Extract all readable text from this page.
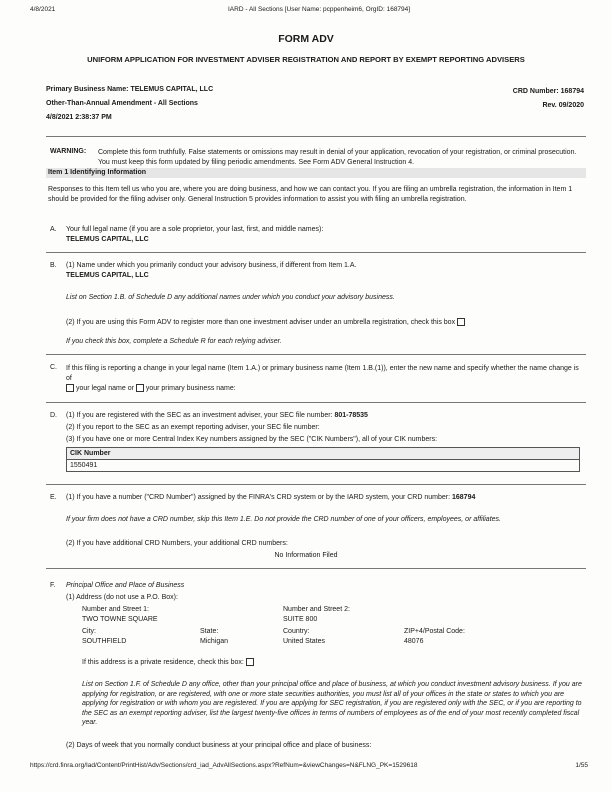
4/8/2021	IARD - All Sections [User Name: pcppenheim6, OrgID: 168794]
FORM ADV
UNIFORM APPLICATION FOR INVESTMENT ADVISER REGISTRATION AND REPORT BY EXEMPT REPORTING ADVISERS
Primary Business Name: TELEMUS CAPITAL, LLC
Other-Than-Annual Amendment - All Sections
4/8/2021 2:38:37 PM
CRD Number: 168794
Rev. 09/2020
WARNING: Complete this form truthfully. False statements or omissions may result in denial of your application, revocation of your registration, or criminal prosecution. You must keep this form updated by filing periodic amendments. See Form ADV General Instruction 4.
Item 1 Identifying Information
Responses to this Item tell us who you are, where you are doing business, and how we can contact you. If you are filing an umbrella registration, the information in Item 1 should be provided for the filing adviser only. General Instruction 5 provides information to assist you with filing an umbrella registration.
A. Your full legal name (if you are a sole proprietor, your last, first, and middle names):
TELEMUS CAPITAL, LLC
B. (1) Name under which you primarily conduct your advisory business, if different from Item 1.A.
TELEMUS CAPITAL, LLC
List on Section 1.B. of Schedule D any additional names under which you conduct your advisory business.
(2) If you are using this Form ADV to register more than one investment adviser under an umbrella registration, check this box
If you check this box, complete a Schedule R for each relying adviser.
C. If this filing is reporting a change in your legal name (Item 1.A.) or primary business name (Item 1.B.(1)), enter the new name and specify whether the name change is of
your legal name or your primary business name:
D. (1) If you are registered with the SEC as an investment adviser, your SEC file number: 801-78535
(2) If you report to the SEC as an exempt reporting adviser, your SEC file number:
(3) If you have one or more Central Index Key numbers assigned by the SEC ("CIK Numbers"), all of your CIK numbers:
CIK Number
1550491
E. (1) If you have a number ("CRD Number") assigned by the FINRA's CRD system or by the IARD system, your CRD number: 168794
If your firm does not have a CRD number, skip this Item 1.E. Do not provide the CRD number of one of your officers, employees, or affiliates.
(2) If you have additional CRD Numbers, your additional CRD numbers:
No Information Filed
F. Principal Office and Place of Business
(1) Address (do not use a P.O. Box):
Number and Street 1:
TWO TOWNE SQUARE
Number and Street 2:
SUITE 800
City:
SOUTHFIELD
State:
Michigan
Country:
United States
ZIP+4/Postal Code:
48076
If this address is a private residence, check this box:
List on Section 1.F. of Schedule D any office, other than your principal office and place of business, at which you conduct investment advisory business. If you are applying for registration, or are registered, with one or more state securities authorities, you must list all of your offices in the state or states to which you are applying for registration or with whom you are registered. If you are applying for SEC registration, if you are registered only with the SEC, or if you are reporting to the SEC as an exempt reporting adviser, list the largest twenty-five offices in terms of numbers of employees as of the end of your most recently completed fiscal year.
(2) Days of week that you normally conduct business at your principal office and place of business:
https://crd.finra.org/Iad/Content/PrintHist/Adv/Sections/crd_iad_AdvAllSections.aspx?RefNum=&viewChanges=N&FLNG_PK=1529618	1/55
